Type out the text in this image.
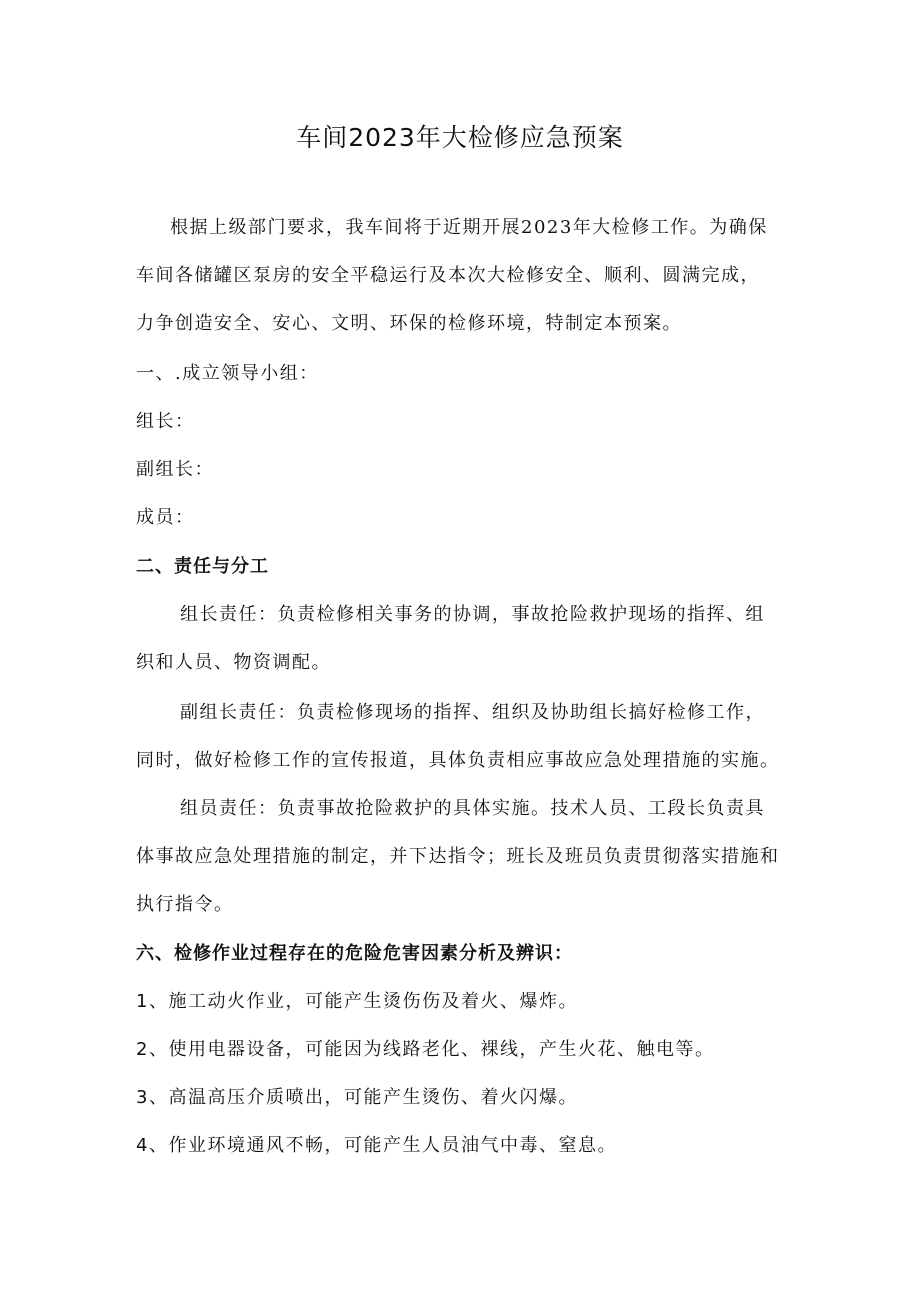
车间2023年大检修应急预案
根据上级部门要求，我车间将于近期开展2023年大检修工作。为确保
车间各储罐区泵房的安全平稳运行及本次大检修安全、顺利、圆满完成，
力争创造安全、安心、文明、环保的检修环境，特制定本预案。
一、.成立领导小组：
组长：
副组长：
成员：
二、责任与分工
组长责任：负责检修相关事务的协调，事故抢险救护现场的指挥、组
织和人员、物资调配。
副组长责任：负责检修现场的指挥、组织及协助组长搞好检修工作，
同时，做好检修工作的宣传报道，具体负责相应事故应急处理措施的实施。
组员责任：负责事故抢险救护的具体实施。技术人员、工段长负责具
体事故应急处理措施的制定，并下达指令；班长及班员负责贯彻落实措施和
执行指令。
六、检修作业过程存在的危险危害因素分析及辨识：
1、施工动火作业，可能产生烫伤伤及着火、爆炸。
2、使用电器设备，可能因为线路老化、裸线，产生火花、触电等。
3、高温高压介质喷出，可能产生烫伤、着火闪爆。
4、作业环境通风不畅，可能产生人员油气中毒、窒息。
